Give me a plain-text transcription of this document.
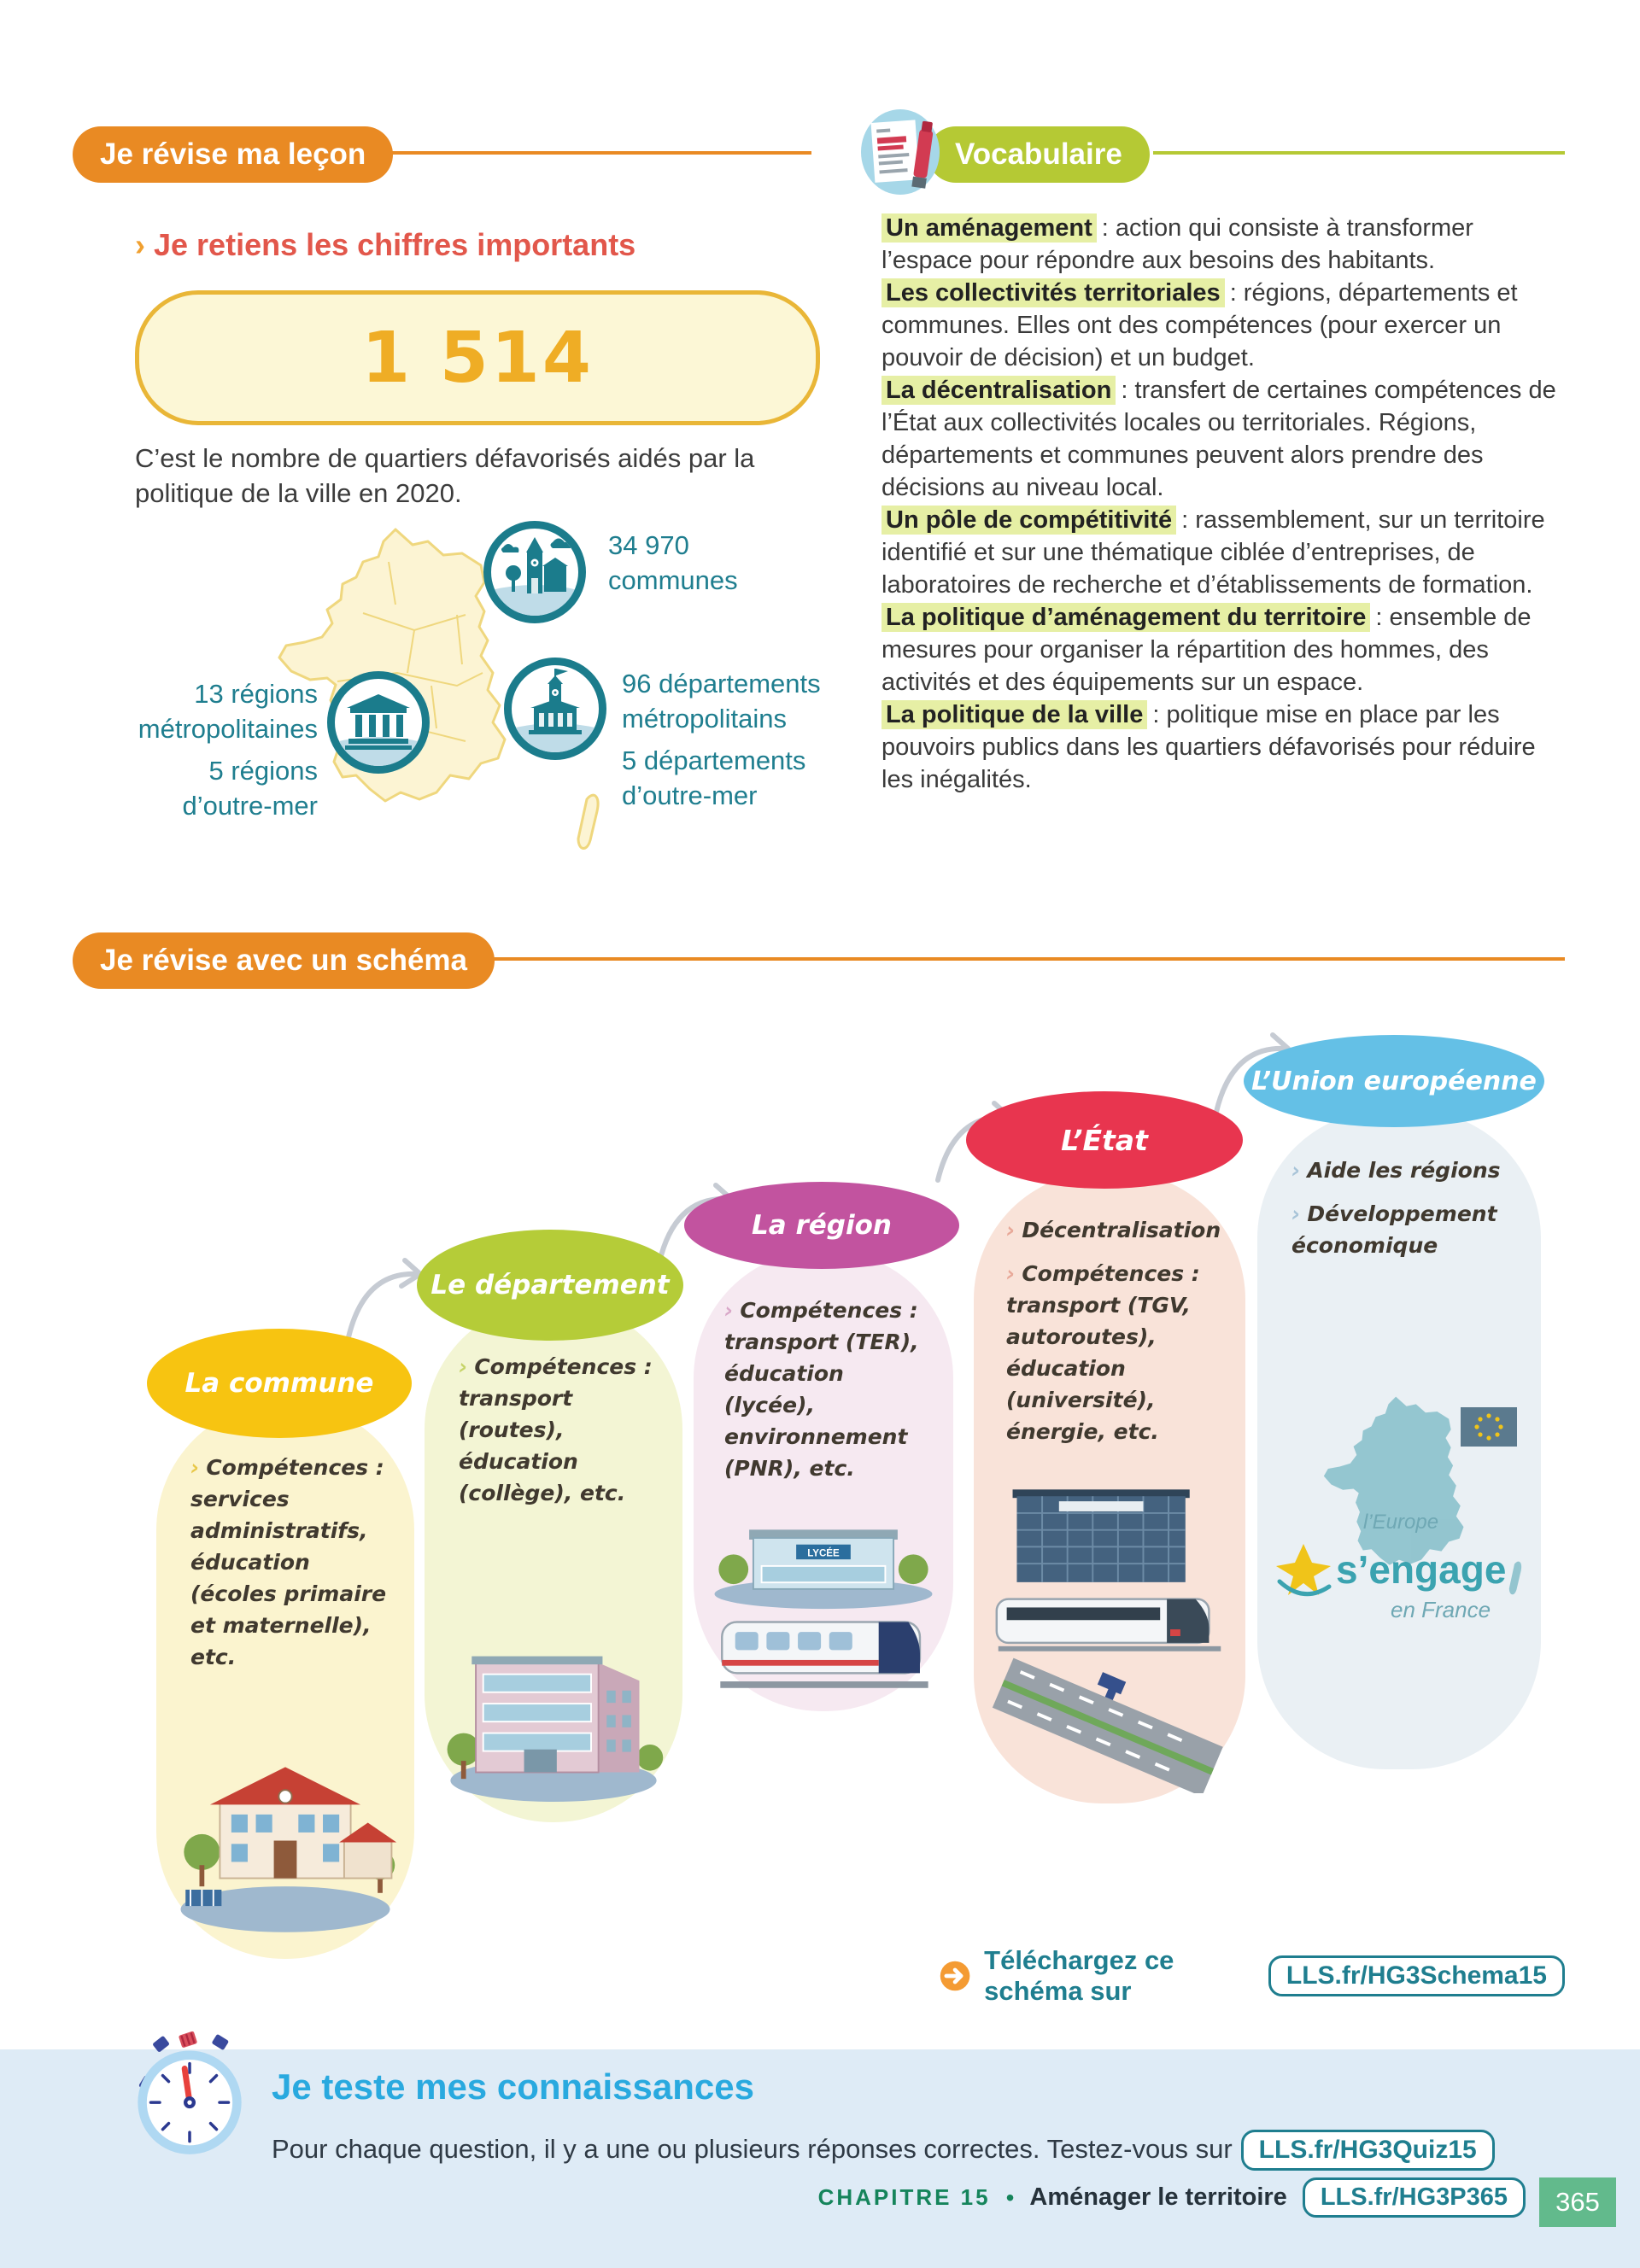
Je révise ma leçon
› Je retiens les chiffres importants
1 514
C’est le nombre de quartiers défavorisés aidés par la politique de la ville en 2020.
34 970
communes
13 régions
métropolitaines
5 régions
d’outre-mer
96 départements
métropolitains
5 départements
d’outre-mer
Vocabulaire

Un aménagement : action qui consiste à transformer l’espace pour répondre aux besoins des habitants.

Les collectivités territoriales : régions, départements et communes. Elles ont des compétences (pour exercer un pouvoir de décision) et un budget.

La décentralisation : transfert de certaines compétences de l’État aux collectivités locales ou territoriales. Régions, départements et communes peuvent alors prendre des décisions au niveau local.

Un pôle de compétitivité : rassemblement, sur un territoire identifié et sur une thématique ciblée d’entreprises, de laboratoires de recherche et d’établissements de formation.

La politique d’aménagement du territoire : ensemble de mesures pour organiser la répartition des hommes, des activités et des équipements sur un espace.

La politique de la ville : politique mise en place par les pouvoirs publics dans les quartiers défavorisés pour réduire les inégalités.

Je révise avec un schéma
› Compétences :
services administratifs, éducation (écoles primaire et maternelle), etc.
› Compétences :
transport (routes), éducation (collège), etc.
› Compétences :
transport (TER), éducation (lycée), environnement (PNR), etc.
LYCÉE
› Décentralisation
› Compétences :
transport (TGV, autoroutes), éducation (université), énergie, etc.
› Aide les régions
› Développement économique
l’Europe
s’engage
en France
La commune
Le département
La région
L’État
L’Union européenne
Téléchargez ce schéma sur
LLS.fr/HG3Schema15
Je teste mes connaissances
Pour chaque question, il y a une ou plusieurs réponses correctes. Testez-vous sur LLS.fr/HG3Quiz15
CHAPITRE 15 • Aménager le territoire	LLS.fr/HG3P365	365
